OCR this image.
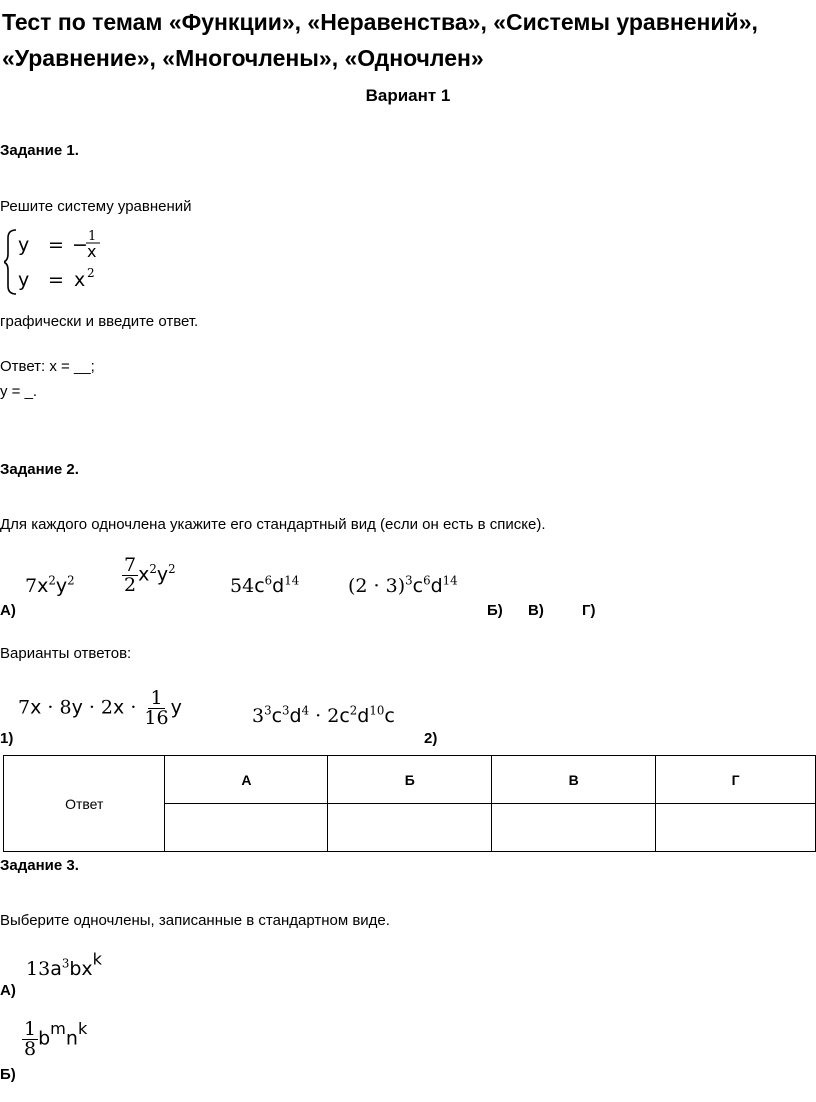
Тест по темам «Функции», «Неравенства», «Системы уравнений», «Уравнение», «Многочлены», «Одночлен»
Вариант 1
Задание 1.
Решите систему уравнений
y = − 1
x
y = x 2
графически и введите ответ.
Ответ: x = __;
y = _.
Задание 2.
Для каждого одночлена укажите его стандартный вид (если он есть в списке).
$7x^2y^2 \frac{7}{2} x^2y^2$
$54c^6d^{14}$	$(2 \cdot 3)^3c^6d^{14}$
А)	Б) В)	Г)
Варианты ответов:
$7x \cdot 8y \cdot 2x \cdot \frac{1}{16}$ y	$3^3c^3d^4 \cdot 2c^2d^{10}c$
1)	2)
Ответ	А	Б	В	Г

Задание 3.
Выберите одночлены, записанные в стандартном виде.
$13a^3bx^k$
А)
$\frac{1}{8} b^mn^k$
Б)
